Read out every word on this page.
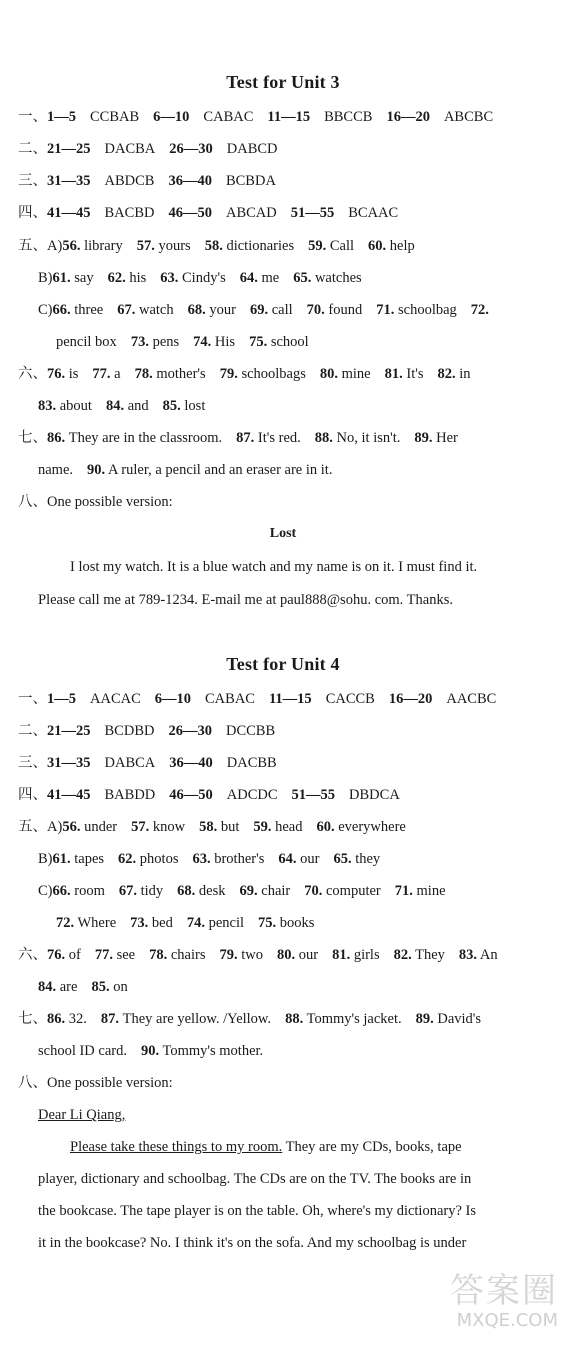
Test for Unit 3
一、1—5 CCBAB 6—10 CABAC 11—15 BBCCB 16—20 ABCBC
二、21—25 DACBA 26—30 DABCD
三、31—35 ABDCB 36—40 BCBDA
四、41—45 BACBD 46—50 ABCAD 51—55 BCAAC
五、A)56. library 57. yours 58. dictionaries 59. Call 60. help
B)61. say 62. his 63. Cindy's 64. me 65. watches
C)66. three 67. watch 68. your 69. call 70. found 71. schoolbag 72.
pencil box 73. pens 74. His 75. school
六、76. is 77. a 78. mother's 79. schoolbags 80. mine 81. It's 82. in
83. about 84. and 85. lost
七、86. They are in the classroom. 87. It's red. 88. No, it isn't. 89. Her
name. 90. A ruler, a pencil and an eraser are in it.
八、One possible version:
Lost
I lost my watch. It is a blue watch and my name is on it. I must find it.
Please call me at 789-1234. E-mail me at paul888@sohu. com. Thanks.
Test for Unit 4
一、1—5 AACAC 6—10 CABAC 11—15 CACCB 16—20 AACBC
二、21—25 BCDBD 26—30 DCCBB
三、31—35 DABCA 36—40 DACBB
四、41—45 BABDD 46—50 ADCDC 51—55 DBDCA
五、A)56. under 57. know 58. but 59. head 60. everywhere
B)61. tapes 62. photos 63. brother's 64. our 65. they
C)66. room 67. tidy 68. desk 69. chair 70. computer 71. mine
72. Where 73. bed 74. pencil 75. books
六、76. of 77. see 78. chairs 79. two 80. our 81. girls 82. They 83. An
84. are 85. on
七、86. 32. 87. They are yellow. /Yellow. 88. Tommy's jacket. 89. David's
school ID card. 90. Tommy's mother.
八、One possible version:
Dear Li Qiang,
Please take these things to my room. They are my CDs, books, tape
player, dictionary and schoolbag. The CDs are on the TV. The books are in
the bookcase. The tape player is on the table. Oh, where's my dictionary? Is
it in the bookcase? No. I think it's on the sofa. And my schoolbag is under
答案圈
MXQE.COM
